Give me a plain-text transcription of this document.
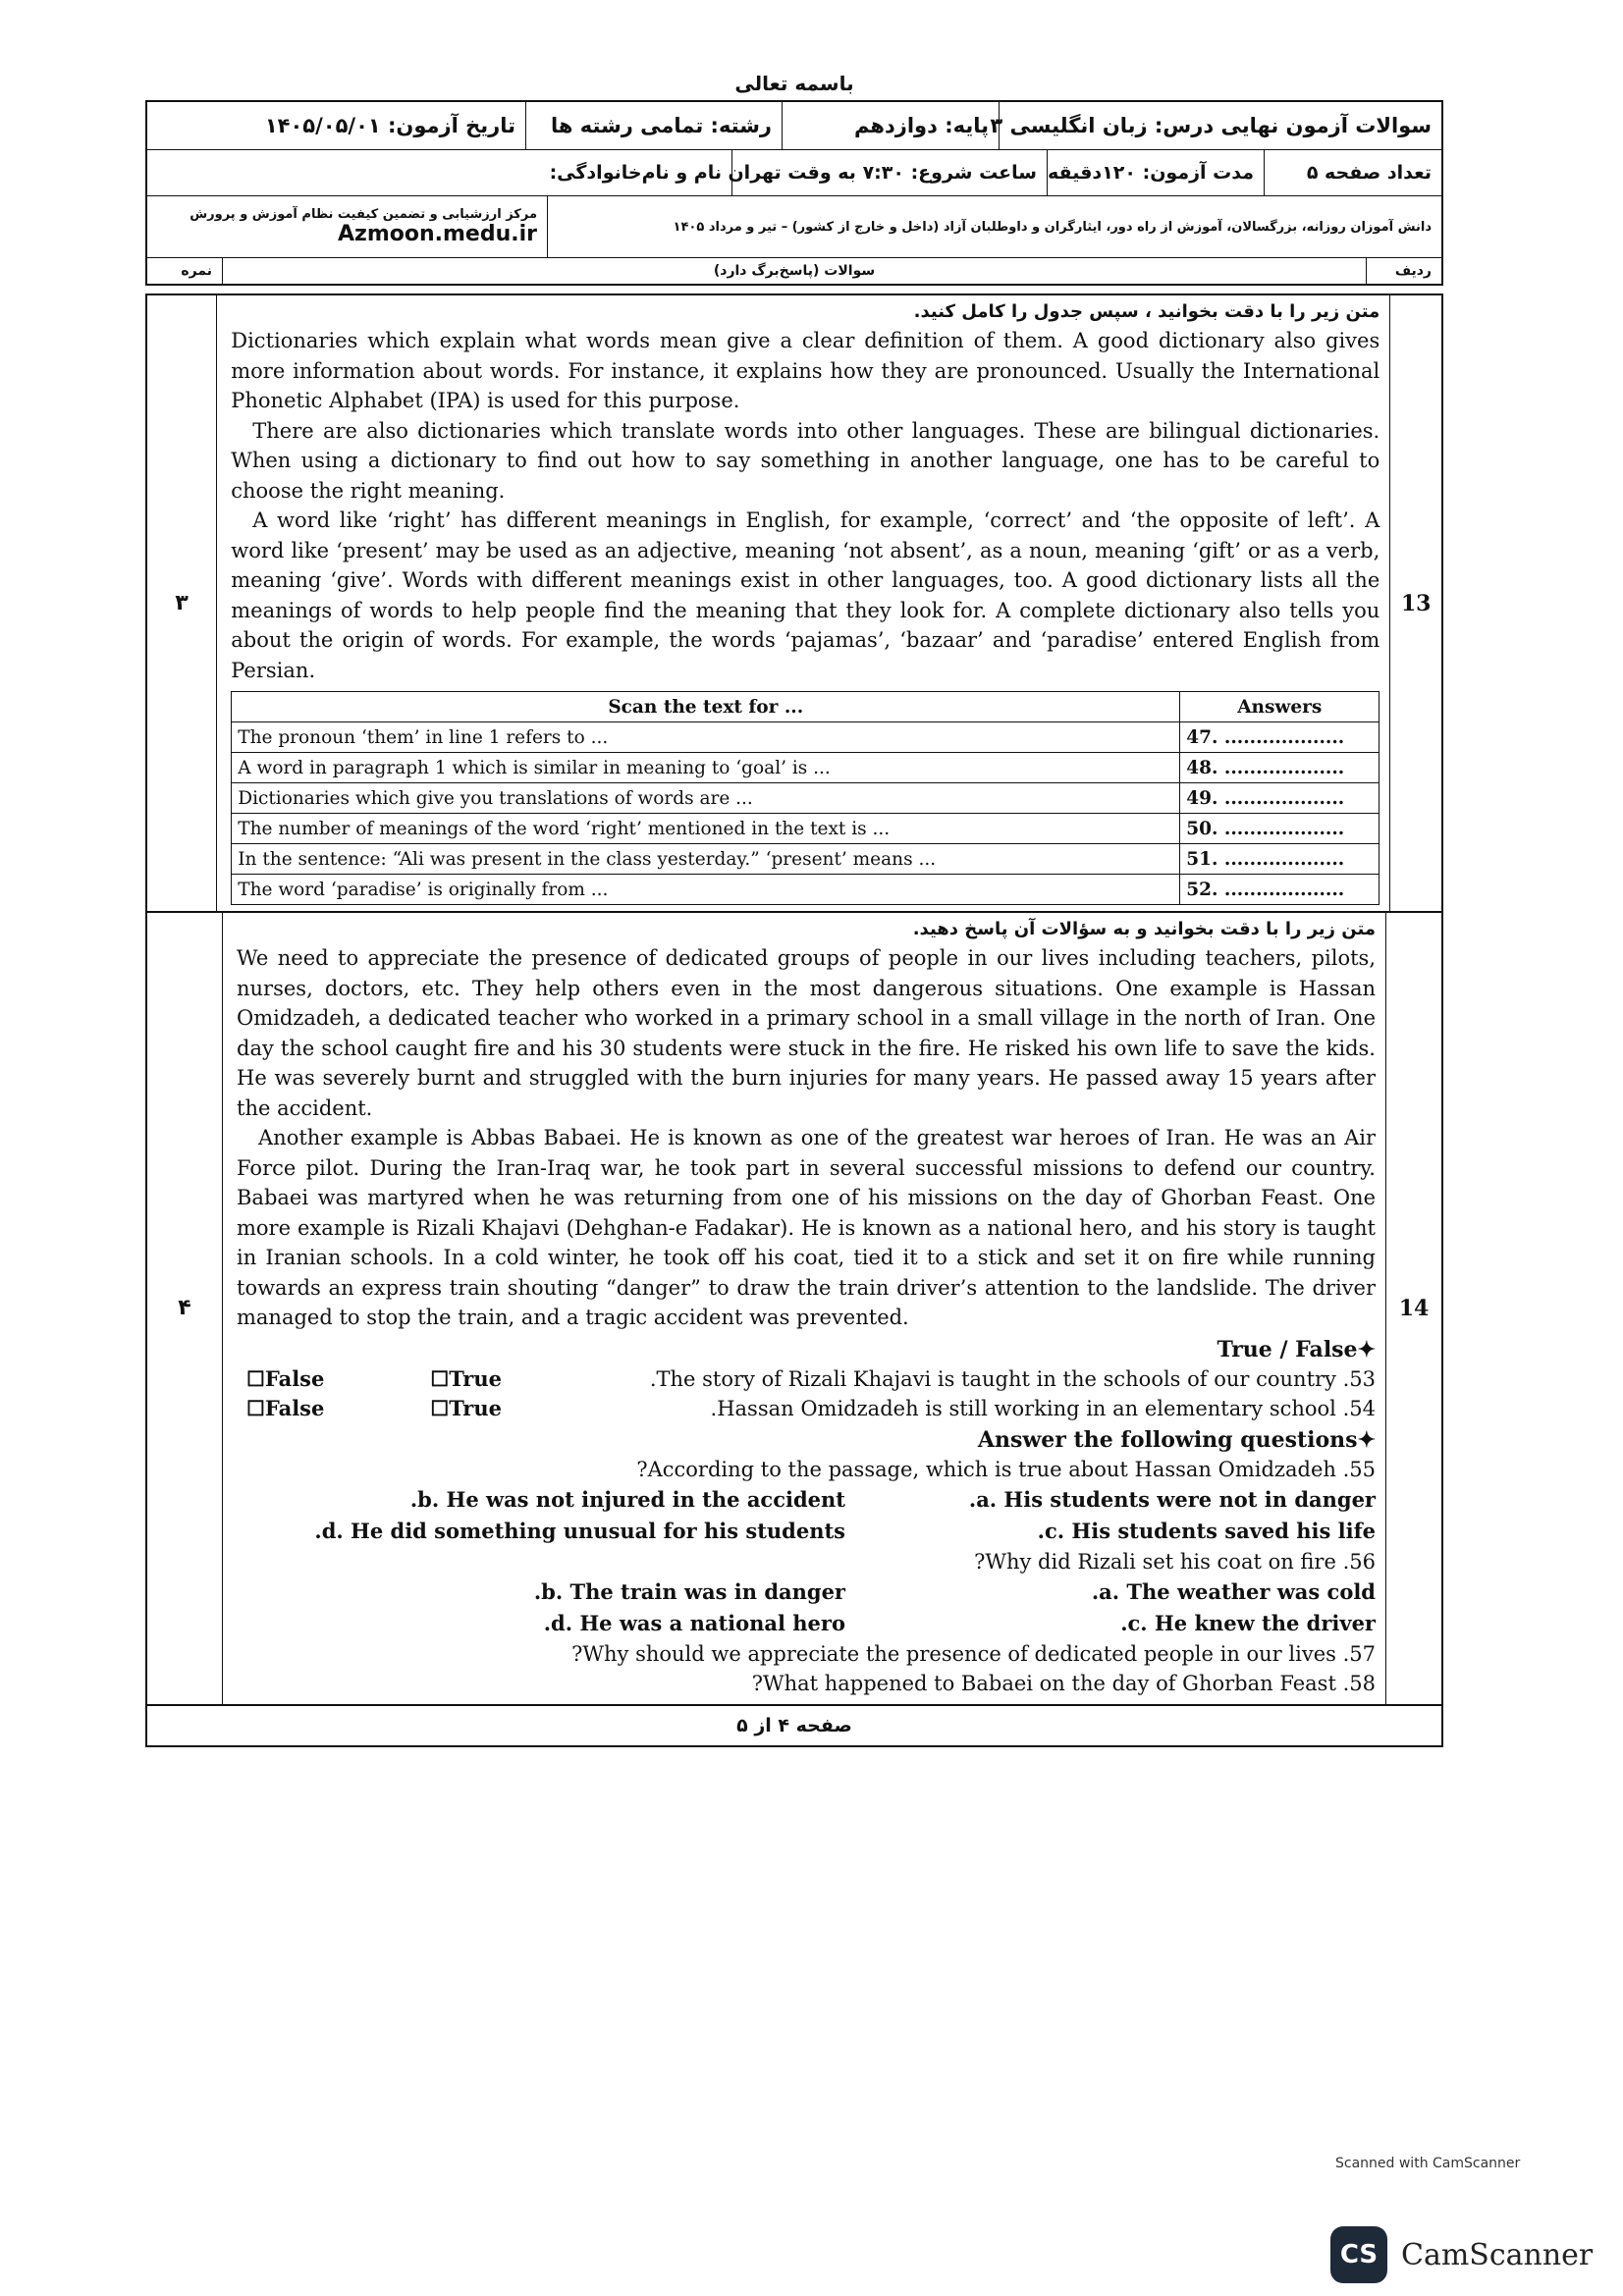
باسمه تعالی
سوالات آزمون نهایی درس: زبان انگلیسی ۳
پایه: دوازدهم
رشته: تمامی رشته ها
تاریخ آزمون: ۱۴۰۵/۰۵/۰۱
تعداد صفحه ۵
مدت آزمون: ۱۲۰دقیقه
ساعت شروع: ۷:۳۰ به وقت تهران
نام و نام‌خانوادگی:
دانش آموزان روزانه، بزرگسالان، آموزش از راه دور، ایثارگران و داوطلبان آزاد (داخل و خارج از کشور) – تیر و مرداد ۱۴۰۵
مرکز ارزشیابی و تضمین کیفیت نظام آموزش و پرورش
Azmoon.medu.ir
ردیف
سوالات (پاسخ‌برگ دارد)
نمره
13
متن زیر را با دقت بخوانید ، سپس جدول را کامل کنید.

Dictionaries which explain what words mean give a clear definition of them. A good dictionary also gives more information about words. For instance, it explains how they are pronounced. Usually the International Phonetic Alphabet (IPA) is used for this purpose.

There are also dictionaries which translate words into other languages. These are bilingual dictionaries. When using a dictionary to find out how to say something in another language, one has to be careful to choose the right meaning.

A word like ‘right’ has different meanings in English, for example, ‘correct’ and ‘the opposite of left’. A word like ‘present’ may be used as an adjective, meaning ‘not absent’, as a noun, meaning ‘gift’ or as a verb, meaning ‘give’. Words with different meanings exist in other languages, too. A good dictionary lists all the meanings of words to help people find the meaning that they look for. A complete dictionary also tells you about the origin of words. For example, the words ‘pajamas’, ‘bazaar’ and ‘paradise’ entered English from Persian.

Scan the text for ...	Answers
The pronoun ‘them’ in line 1 refers to ...	47. ...................
A word in paragraph 1 which is similar in meaning to ‘goal’ is ...	48. ...................
Dictionaries which give you translations of words are ...	49. ...................
The number of meanings of the word ‘right’ mentioned in the text is ...	50. ...................
In the sentence: “Ali was present in the class yesterday.” ‘present’ means ...	51. ...................
The word ‘paradise’ is originally from ...	52. ...................
۳
14
متن زیر را با دقت بخوانید و به سؤالات آن پاسخ دهید.

We need to appreciate the presence of dedicated groups of people in our lives including teachers, pilots, nurses, doctors, etc. They help others even in the most dangerous situations. One example is Hassan Omidzadeh, a dedicated teacher who worked in a primary school in a small village in the north of Iran. One day the school caught fire and his 30 students were stuck in the fire. He risked his own life to save the kids. He was severely burnt and struggled with the burn injuries for many years. He passed away 15 years after the accident.

Another example is Abbas Babaei. He is known as one of the greatest war heroes of Iran. He was an Air Force pilot. During the Iran-Iraq war, he took part in several successful missions to defend our country. Babaei was martyred when he was returning from one of his missions on the day of Ghorban Feast. One more example is Rizali Khajavi (Dehghan-e Fadakar). He is known as a national hero, and his story is taught in Iranian schools. In a cold winter, he took off his coat, tied it to a stick and set it on fire while running towards an express train shouting “danger” to draw the train driver’s attention to the landslide. The driver managed to stop the train, and a tragic accident was prevented.

✦True / False
53. The story of Rizali Khajavi is taught in the schools of our country.
True☐
False☐
54. Hassan Omidzadeh is still working in an elementary school.
True☐
False☐
✦Answer the following questions
55. According to the passage, which is true about Hassan Omidzadeh?
a. His students were not in danger.
b. He was not injured in the accident.
c. His students saved his life.
d. He did something unusual for his students.
56. Why did Rizali set his coat on fire?
a. The weather was cold.
b. The train was in danger.
c. He knew the driver.
d. He was a national hero.
57. Why should we appreciate the presence of dedicated people in our lives?
58. What happened to Babaei on the day of Ghorban Feast?
۴
صفحه ۴ از ۵
Scanned with CamScanner
CS CamScanner
